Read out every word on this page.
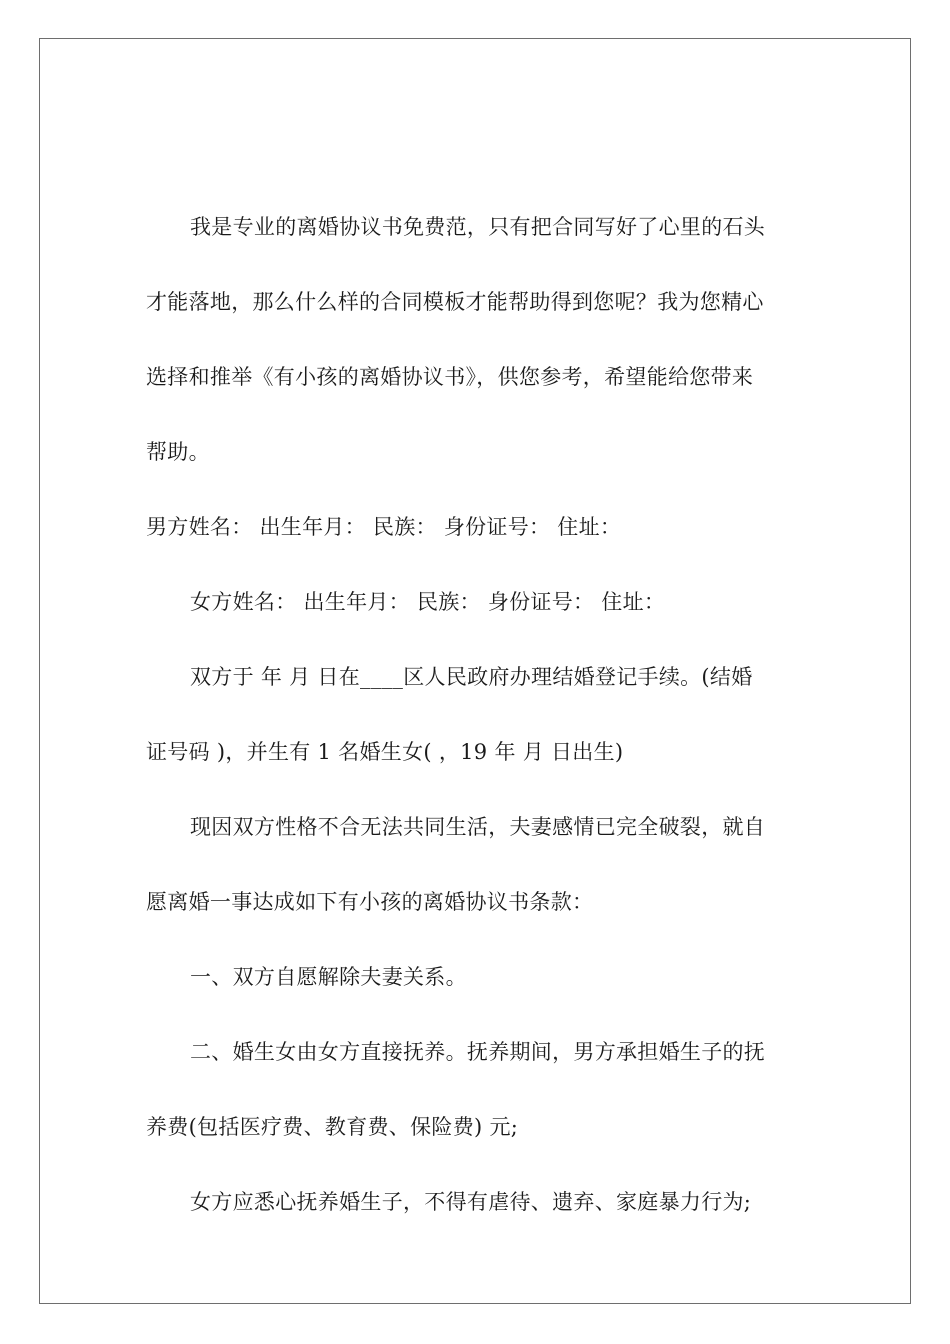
我是专业的离婚协议书免费范，只有把合同写好了心里的石头
才能落地，那么什么样的合同模板才能帮助得到您呢？我为您精心
选择和推举《有小孩的离婚协议书》，供您参考，希望能给您带来
帮助。
男方姓名： 出生年月： 民族： 身份证号： 住址：
女方姓名： 出生年月： 民族： 身份证号： 住址：
双方于 年 月 日在____区人民政府办理结婚登记手续。(结婚
证号码 )，并生有 1 名婚生女( ，19 年 月 日出生)
现因双方性格不合无法共同生活，夫妻感情已完全破裂，就自
愿离婚一事达成如下有小孩的离婚协议书条款：
一、双方自愿解除夫妻关系。
二、婚生女由女方直接抚养。抚养期间，男方承担婚生子的抚
养费(包括医疗费、教育费、保险费) 元;
女方应悉心抚养婚生子，不得有虐待、遗弃、家庭暴力行为;
